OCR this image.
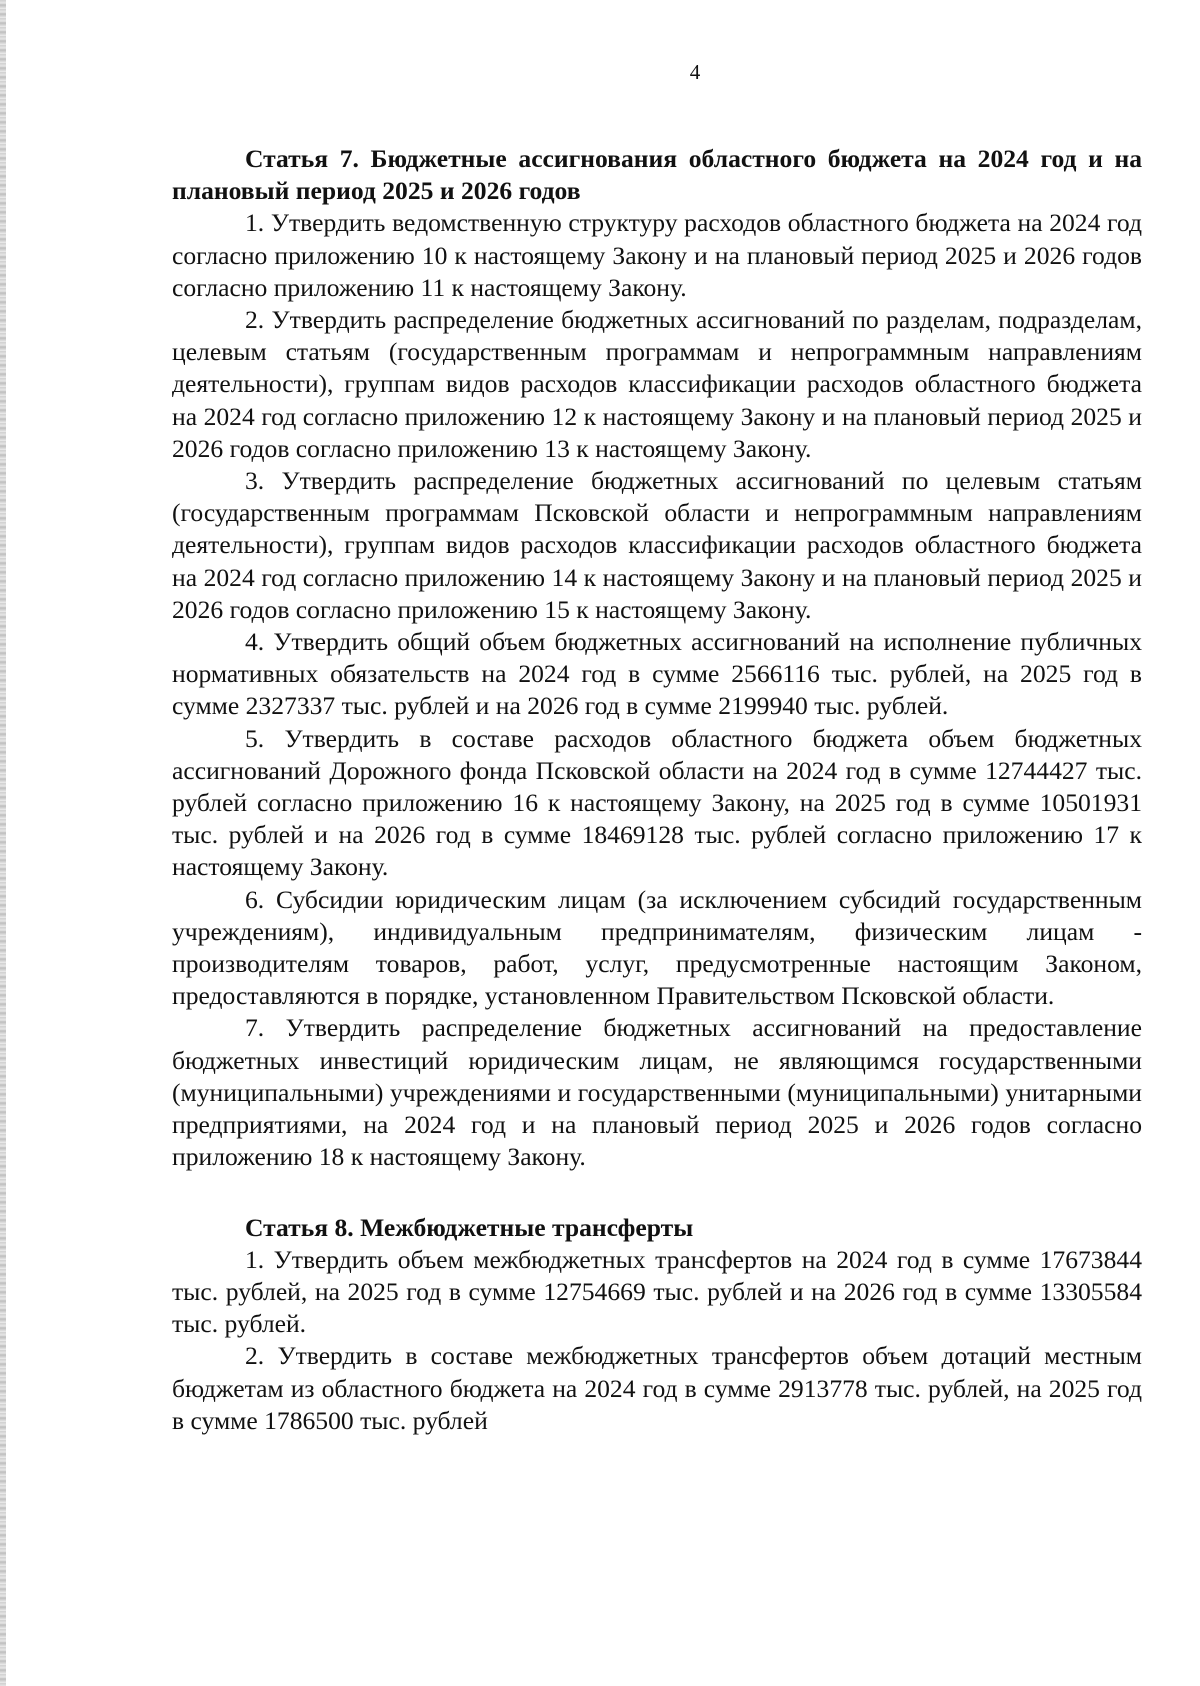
4

Статья 7. Бюджетные ассигнования областного бюджета на 2024 год и на плановый период 2025 и 2026 годов

1. Утвердить ведомственную структуру расходов областного бюджета на 2024 год согласно приложению 10 к настоящему Закону и на плановый период 2025 и 2026 годов согласно приложению 11 к настоящему Закону.

2. Утвердить распределение бюджетных ассигнований по разделам, подразделам, целевым статьям (государственным программам и непрограммным направлениям деятельности), группам видов расходов классификации расходов областного бюджета на 2024 год согласно приложению 12 к настоящему Закону и на плановый период 2025 и 2026 годов согласно приложению 13 к настоящему Закону.

3. Утвердить распределение бюджетных ассигнований по целевым статьям (государственным программам Псковской области и непрограммным направлениям деятельности), группам видов расходов классификации расходов областного бюджета на 2024 год согласно приложению 14 к настоящему Закону и на плановый период 2025 и 2026 годов согласно приложению 15 к настоящему Закону.

4. Утвердить общий объем бюджетных ассигнований на исполнение публичных нормативных обязательств на 2024 год в сумме 2566116 тыс. рублей, на 2025 год в сумме 2327337 тыс. рублей и на 2026 год в сумме 2199940 тыс. рублей.

5. Утвердить в составе расходов областного бюджета объем бюджетных ассигнований Дорожного фонда Псковской области на 2024 год в сумме 12744427 тыс. рублей согласно приложению 16 к настоящему Закону, на 2025 год в сумме 10501931 тыс. рублей и на 2026 год в сумме 18469128 тыс. рублей согласно приложению 17 к настоящему Закону.

6. Субсидии юридическим лицам (за исключением субсидий государственным учреждениям), индивидуальным предпринимателям, физическим лицам - производителям товаров, работ, услуг, предусмотренные настоящим Законом, предоставляются в порядке, установленном Правительством Псковской области.

7. Утвердить распределение бюджетных ассигнований на предоставление бюджетных инвестиций юридическим лицам, не являющимся государственными (муниципальными) учреждениями и государственными (муниципальными) унитарными предприятиями, на 2024 год и на плановый период 2025 и 2026 годов согласно приложению 18 к настоящему Закону.

Статья 8. Межбюджетные трансферты

1. Утвердить объем межбюджетных трансфертов на 2024 год в сумме 17673844 тыс. рублей, на 2025 год в сумме 12754669 тыс. рублей и на 2026 год в сумме 13305584 тыс. рублей.

2. Утвердить в составе межбюджетных трансфертов объем дотаций местным бюджетам из областного бюджета на 2024 год в сумме 2913778 тыс. рублей, на 2025 год в сумме 1786500 тыс. рублей
